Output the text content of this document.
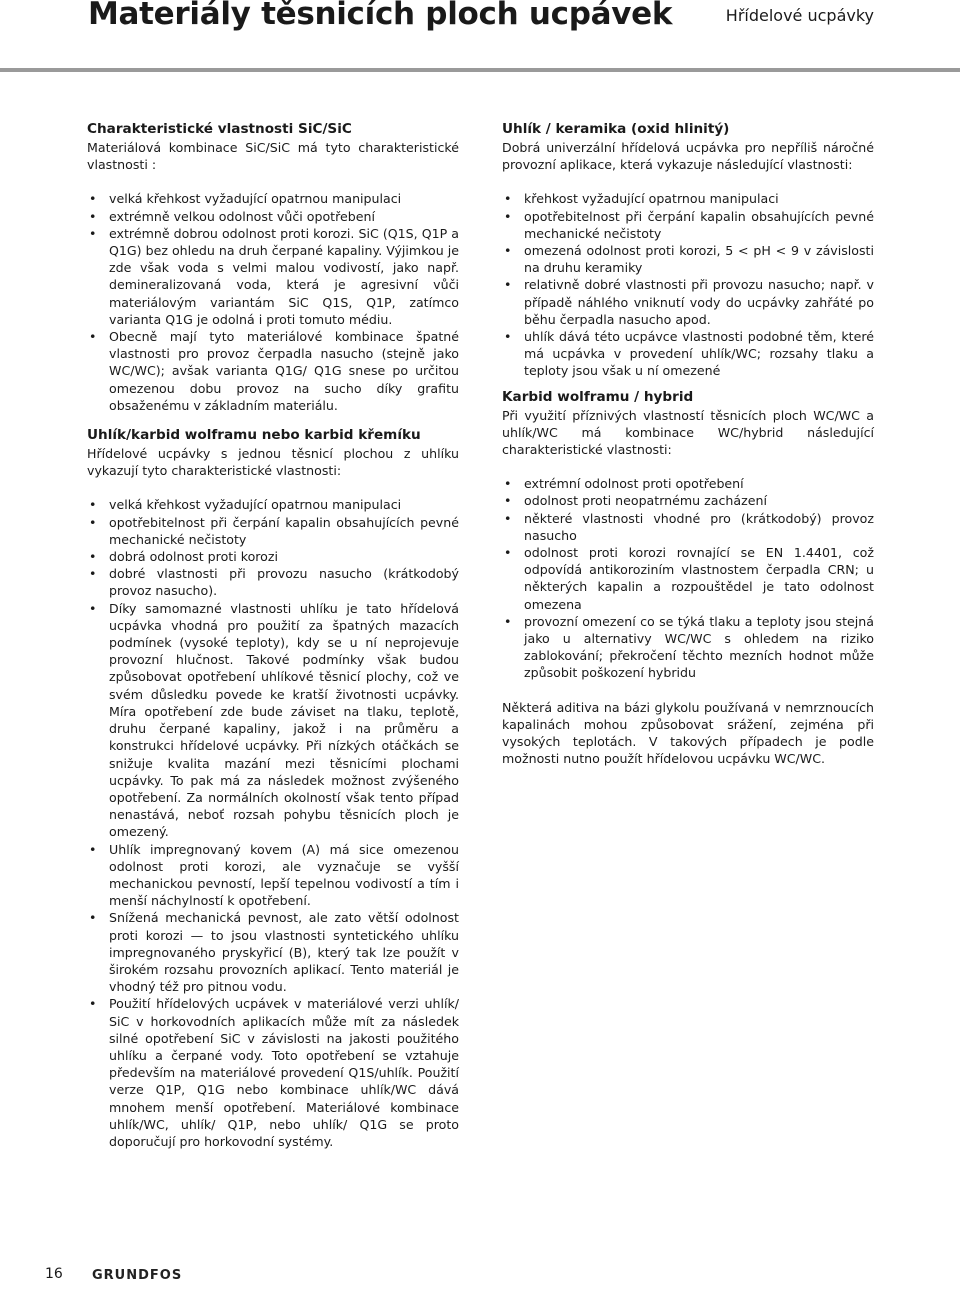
Materiály těsnicích ploch ucpávek	Hřídelové ucpávky
Charakteristické vlastnosti SiC/SiC

Materiálová kombinace SiC/SiC má tyto charakteristické vlastnosti :

• velká křehkost vyžadující opatrnou manipulaci
• extrémně velkou odolnost vůči opotřebení
• extrémně dobrou odolnost proti korozi. SiC (Q1S, Q1P a Q1G) bez ohledu na druh čerpané kapaliny. Výjimkou je zde však voda s velmi malou vodivostí, jako např. demineralizovaná voda, která je agresivní vůči materiálovým variantám SiC Q1S, Q1P, zatímco varianta Q1G je odolná i proti tomuto médiu.
• Obecně mají tyto materiálové kombinace špatné vlastnosti pro provoz čerpadla nasucho (stejně jako WC/WC); avšak varianta Q1G/ Q1G snese po určitou omezenou dobu provoz na sucho díky grafitu obsaženému v základním materiálu.
Uhlík/karbid wolframu nebo karbid křemíku

Hřídelové ucpávky s jednou těsnicí plochou z uhlíku vykazují tyto charakteristické vlastnosti:

• velká křehkost vyžadující opatrnou manipulaci
• opotřebitelnost při čerpání kapalin obsahujících pevné mechanické nečistoty
• dobrá odolnost proti korozi
• dobré vlastnosti při provozu nasucho (krátkodobý provoz nasucho).
• Díky samomazné vlastnosti uhlíku je tato hřídelová ucpávka vhodná pro použití za špatných mazacích podmínek (vysoké teploty), kdy se u ní neprojevuje provozní hlučnost. Takové podmínky však budou způsobovat opotřebení uhlíkové těsnicí plochy, což ve svém důsledku povede ke kratší životnosti ucpávky. Míra opotřebení zde bude záviset na tlaku, teplotě, druhu čerpané kapaliny, jakož i na průměru a konstrukci hřídelové ucpávky. Při nízkých otáčkách se snižuje kvalita mazání mezi těsnicími plochami ucpávky. To pak má za následek možnost zvýšeného opotřebení. Za normálních okolností však tento případ nenastává, neboť rozsah pohybu těsnicích ploch je omezený.
• Uhlík impregnovaný kovem (A) má sice omezenou odolnost proti korozi, ale vyznačuje se vyšší mechanickou pevností, lepší tepelnou vodivostí a tím i menší náchylností k opotřebení.
• Snížená mechanická pevnost, ale zato větší odolnost proti korozi — to jsou vlastnosti syntetického uhlíku impregnovaného pryskyřicí (B), který tak lze použít v širokém rozsahu provozních aplikací. Tento materiál je vhodný též pro pitnou vodu.
• Použití hřídelových ucpávek v materiálové verzi uhlík/ SiC v horkovodních aplikacích může mít za následek silné opotřebení SiC v závislosti na jakosti použitého uhlíku a čerpané vody. Toto opotřebení se vztahuje především na materiálové provedení Q1S/uhlík. Použití verze Q1P, Q1G nebo kombinace uhlík/WC dává mnohem menší opotřebení. Materiálové kombinace uhlík/WC, uhlík/ Q1P, nebo uhlík/ Q1G se proto doporučují pro horkovodní systémy.
Uhlík / keramika (oxid hlinitý)

Dobrá univerzální hřídelová ucpávka pro nepříliš náročné provozní aplikace, která vykazuje následující vlastnosti:

• křehkost vyžadující opatrnou manipulaci
• opotřebitelnost při čerpání kapalin obsahujících pevné mechanické nečistoty
• omezená odolnost proti korozi, 5 < pH < 9 v závislosti na druhu keramiky
• relativně dobré vlastnosti při provozu nasucho; např. v případě náhlého vniknutí vody do ucpávky zahřáté po běhu čerpadla nasucho apod.
• uhlík dává této ucpávce vlastnosti podobné těm, které má ucpávka v provedení uhlík/WC; rozsahy tlaku a teploty jsou však u ní omezené
Karbid wolframu / hybrid

Při využití příznivých vlastností těsnicích ploch WC/WC a uhlík/WC má kombinace WC/hybrid následující charakteristické vlastnosti:

• extrémní odolnost proti opotřebení
• odolnost proti neopatrnému zacházení
• některé vlastnosti vhodné pro (krátkodobý) provoz nasucho
• odolnost proti korozi rovnající se EN 1.4401, což odpovídá antikoroziním vlastnostem čerpadla CRN; u některých kapalin a rozpouštědel je tato odolnost omezena
• provozní omezení co se týká tlaku a teploty jsou stejná jako u alternativy WC/WC s ohledem na riziko zablokování; překročení těchto mezních hodnot může způsobit poškození hybridu

Některá aditiva na bázi glykolu používaná v nemrznoucích kapalinách mohou způsobovat srážení, zejména při vysokých teplotách. V takových případech je podle možnosti nutno použít hřídelovou ucpávku WC/WC.

16 GRUNDFOS
